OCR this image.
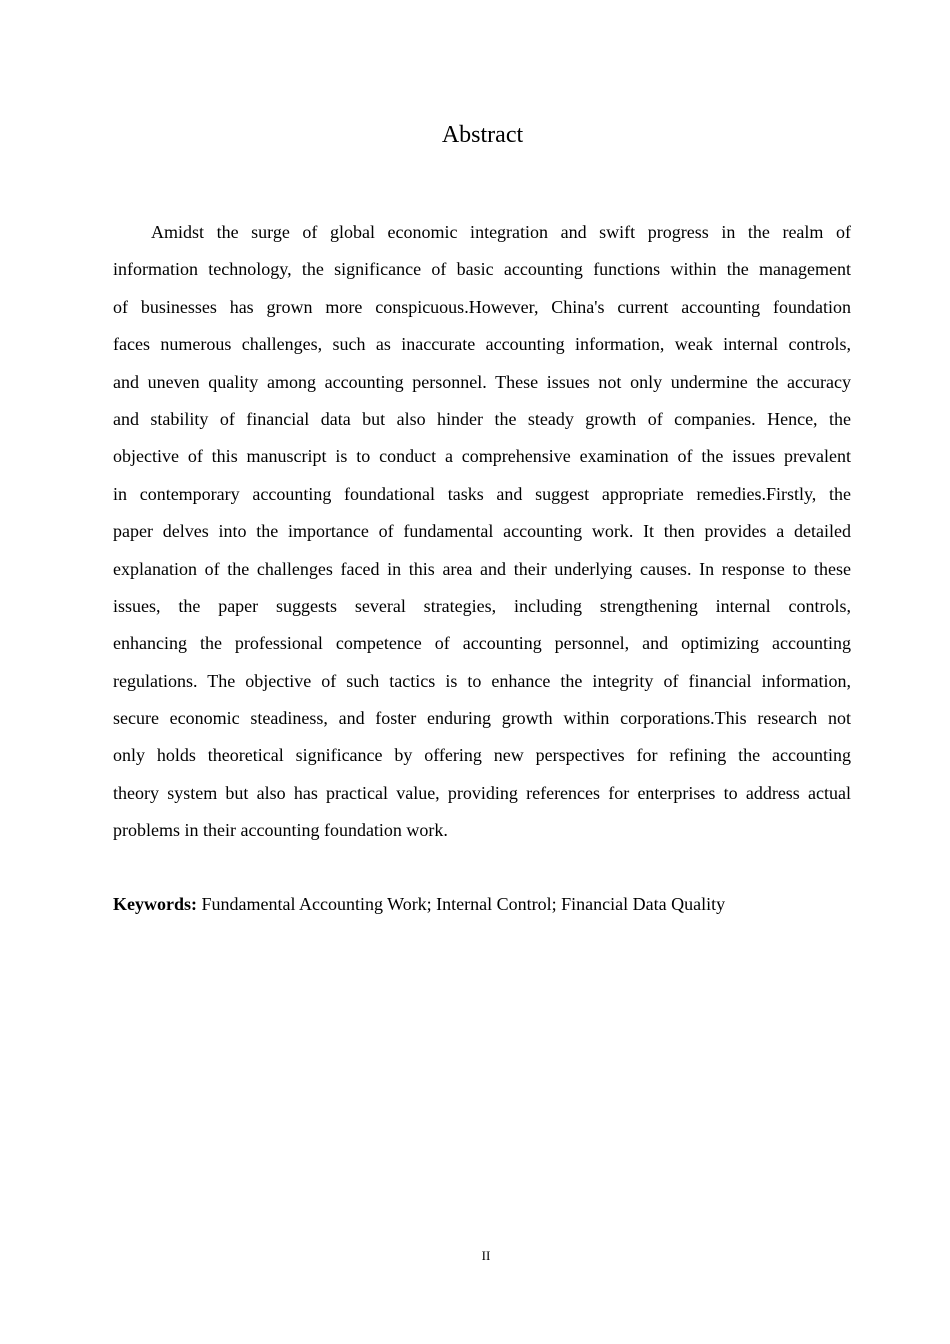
Abstract
Amidst the surge of global economic integration and swift progress in the realm of
information technology, the significance of basic accounting functions within the management
of businesses has grown more conspicuous.However, China's current accounting foundation
faces numerous challenges, such as inaccurate accounting information, weak internal controls,
and uneven quality among accounting personnel. These issues not only undermine the accuracy
and stability of financial data but also hinder the steady growth of companies. Hence, the
objective of this manuscript is to conduct a comprehensive examination of the issues prevalent
in contemporary accounting foundational tasks and suggest appropriate remedies.Firstly, the
paper delves into the importance of fundamental accounting work. It then provides a detailed
explanation of the challenges faced in this area and their underlying causes. In response to these
issues, the paper suggests several strategies, including strengthening internal controls,
enhancing the professional competence of accounting personnel, and optimizing accounting
regulations. The objective of such tactics is to enhance the integrity of financial information,
secure economic steadiness, and foster enduring growth within corporations.This research not
only holds theoretical significance by offering new perspectives for refining the accounting
theory system but also has practical value, providing references for enterprises to address actual
problems in their accounting foundation work.
Keywords: Fundamental Accounting Work; Internal Control; Financial Data Quality
II
